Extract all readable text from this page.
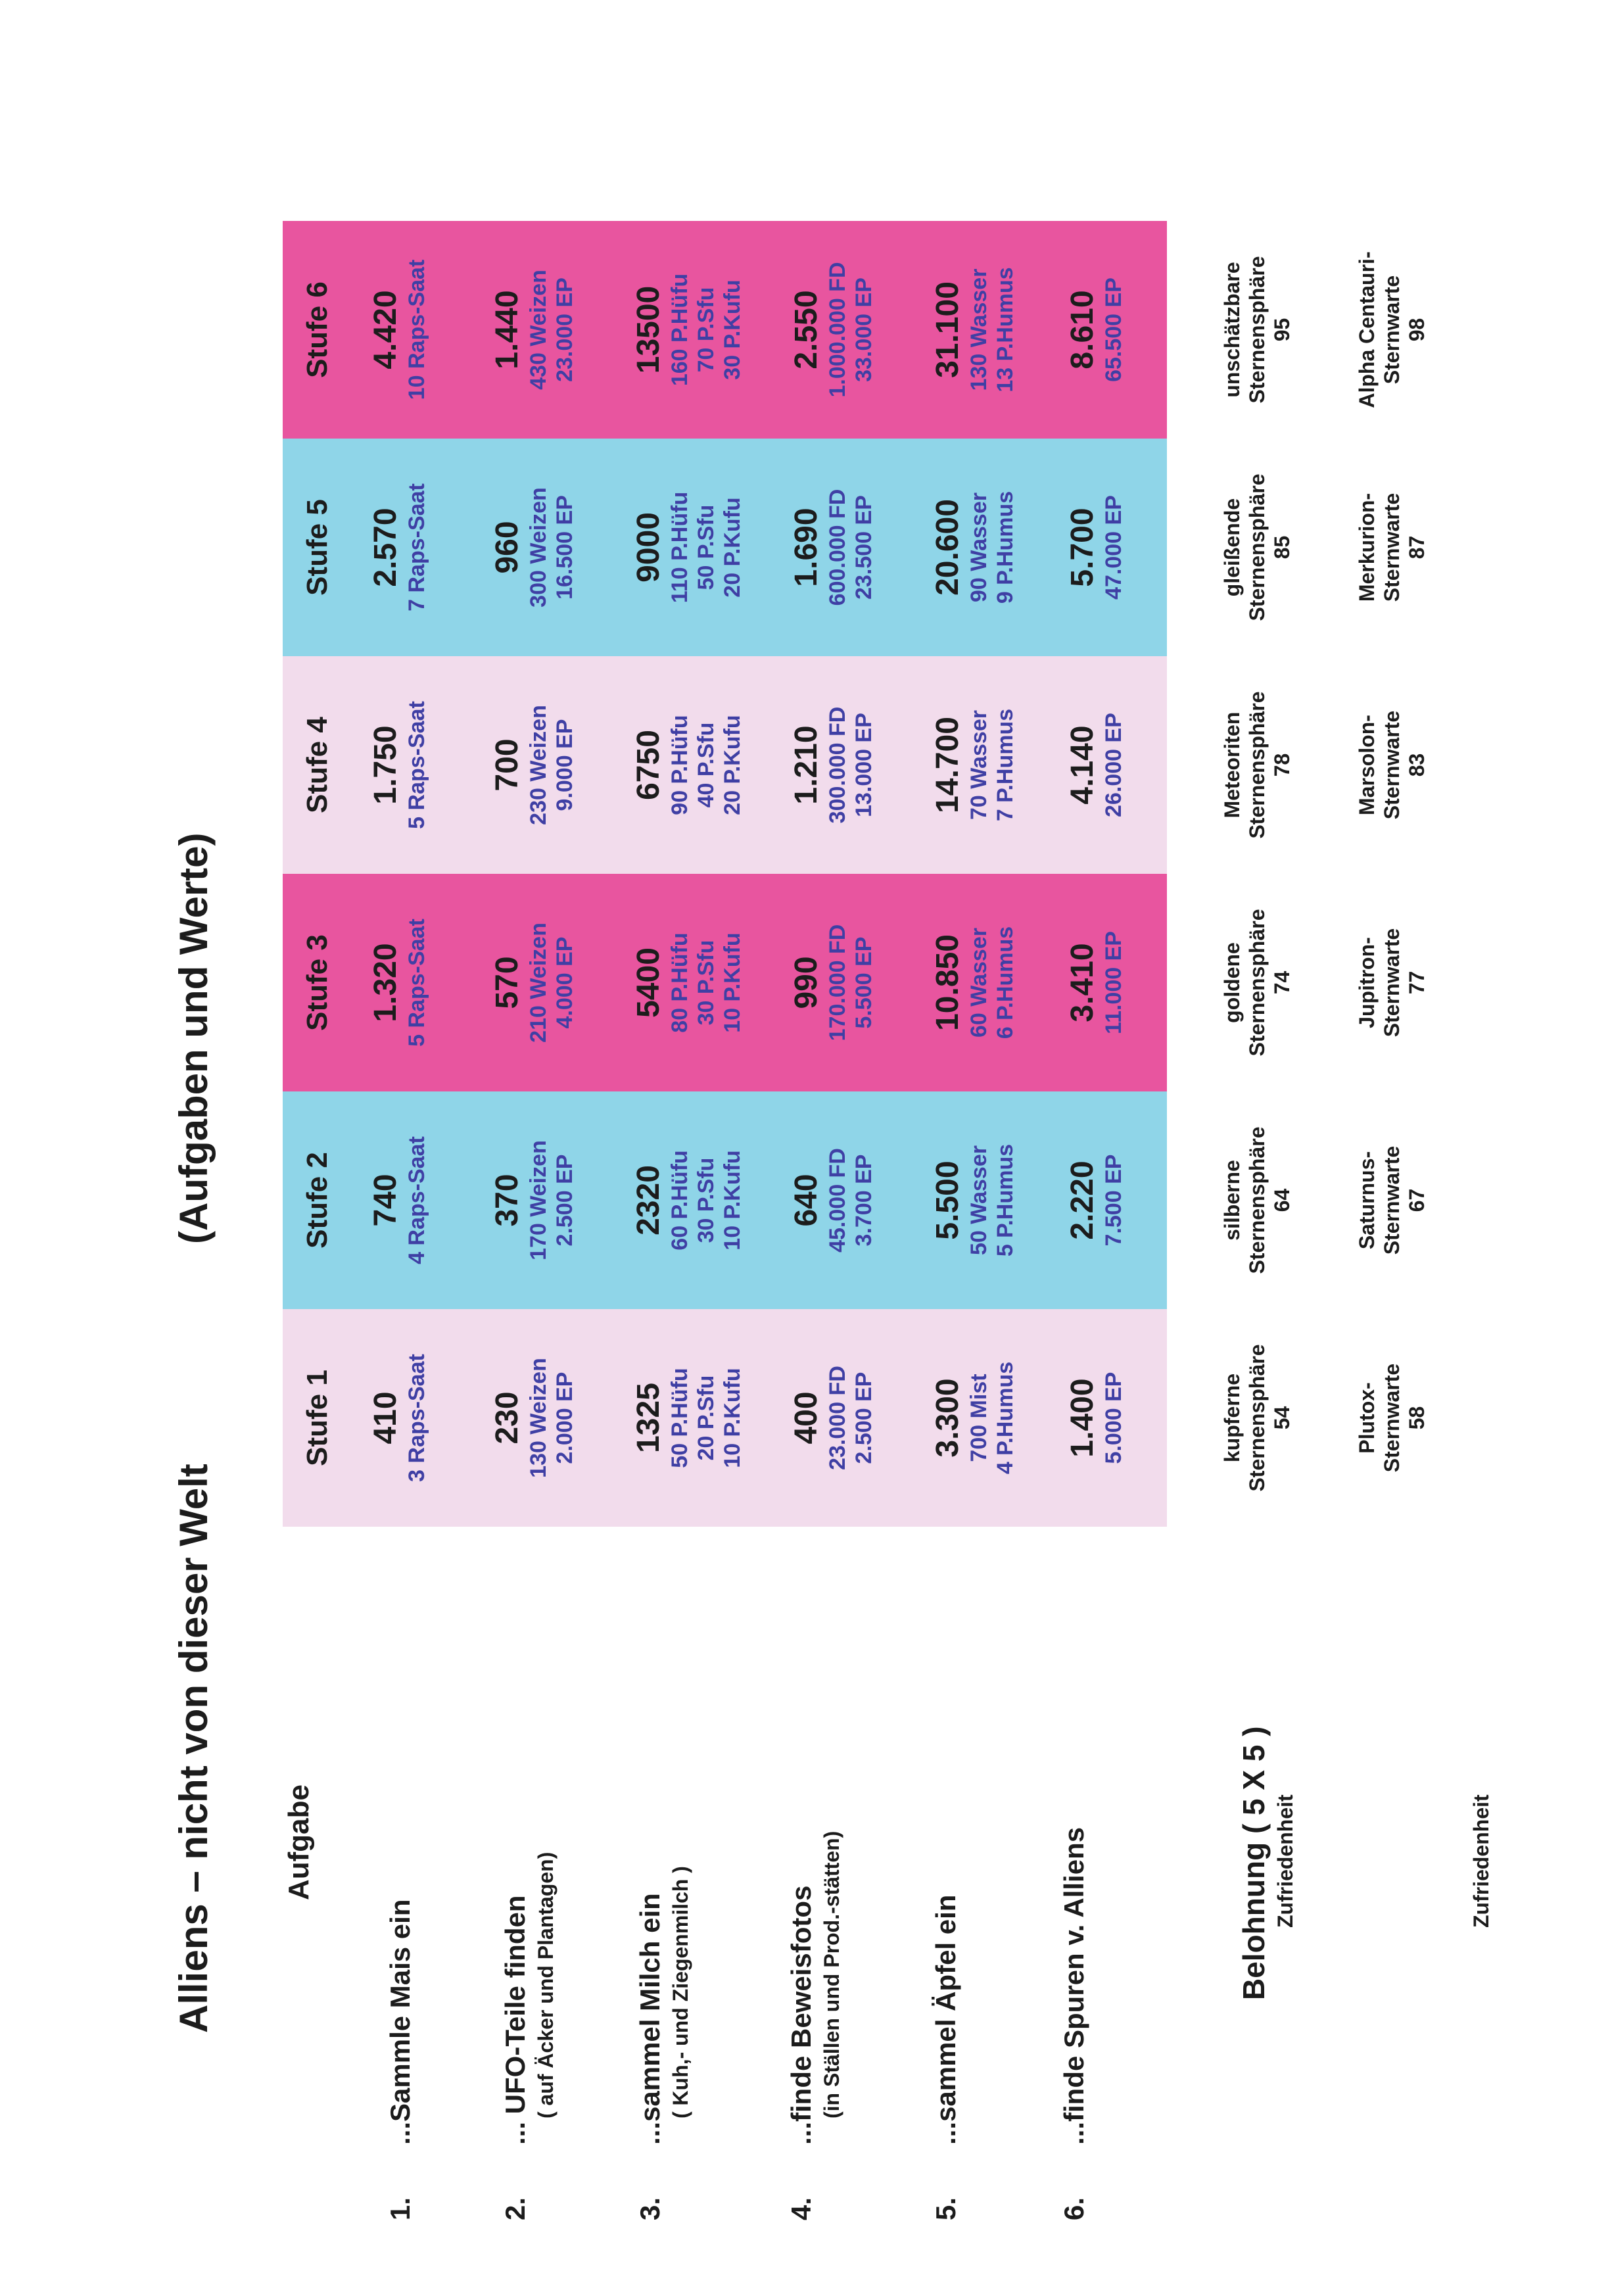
Alliens – nicht von dieser Welt
(Aufgaben und Werte)
Stufe 1
Stufe 2
Stufe 3
Stufe 4
Stufe 5
Stufe 6
410 3 Raps-Saat
740 4 Raps-Saat
1.320 5 Raps-Saat
1.750 5 Raps-Saat
2.570 7 Raps-Saat
4.420 10 Raps-Saat
230 130 Weizen 2.000 EP
370 170 Weizen 2.500 EP
570 210 Weizen 4.000 EP
700 230 Weizen 9.000 EP
960 300 Weizen 16.500 EP
1.440 430 Weizen 23.000 EP
1325 50 P.Hüfu 20 P.Sfu 10 P.Kufu
2320 60 P.Hüfu 30 P.Sfu 10 P.Kufu
5400 80 P.Hüfu 30 P.Sfu 10 P.Kufu
6750 90 P.Hüfu 40 P.Sfu 20 P.Kufu
9000 110 P.Hüfu 50 P.Sfu 20 P.Kufu
13500 160 P.Hüfu 70 P.Sfu 30 P.Kufu
400 23.000 FD 2.500 EP
640 45.000 FD 3.700 EP
990 170.000 FD 5.500 EP
1.210 300.000 FD 13.000 EP
1.690 600.000 FD 23.500 EP
2.550 1.000.000 FD 33.000 EP
3.300 700 Mist 4 P.Humus
5.500 50 Wasser 5 P.Humus
10.850 60 Wasser 6 P.Humus
14.700 70 Wasser 7 P.Humus
20.600 90 Wasser 9 P.Humus
31.100 130 Wasser 13 P.Humus
1.400 5.000 EP
2.220 7.500 EP
3.410 11.000 EP
4.140 26.000 EP
5.700 47.000 EP
8.610 65.500 EP
Aufgabe
1.
...Sammle Mais ein
2.
... UFO-Teile finden ( auf Äcker und Plantagen)
3.
...sammel Milch ein ( Kuh,- und Ziegenmilch )
4.
...finde Beweisfotos (in Ställen und Prod.-stätten)
5.
...sammel Äpfel ein
6.
...finde Spuren v. Alliens	Belohnung ( 5 X 5 ) Zufriedenheit	Zufriedenheit
kupferne Sternensphäre 54
silberne Sternensphäre 64
goldene Sternensphäre 74
Meteoriten Sternensphäre 78
gleißende Sternensphäre 85
unschätzbare Sternensphäre 95
Plutox- Sternwarte 58
Saturnus- Sternwarte 67
Jupitron- Sternwarte 77
Marsolon- Sternwarte 83
Merkurion- Sternwarte 87
Alpha Centauri- Sternwarte 98
